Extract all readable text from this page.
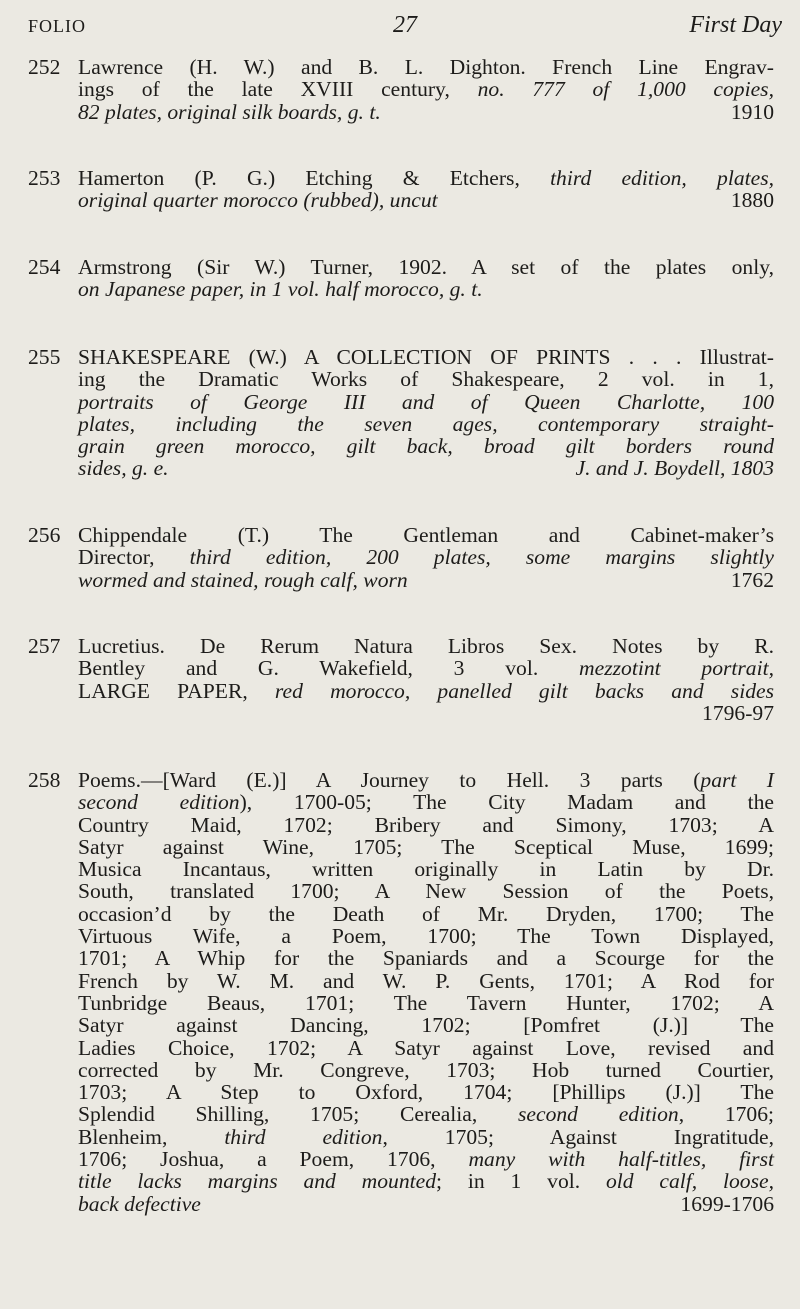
FOLIO	27	First Day
252 Lawrence (H. W.) and B. L. Dighton. French Line Engrav-
ings of the late XVIII century, no. 777 of 1,000 copies,
82 plates, original silk boards, g. t.	1910
253 Hamerton (P. G.) Etching & Etchers, third edition, plates,
original quarter morocco (rubbed), uncut	1880
254 Armstrong (Sir W.) Turner, 1902. A set of the plates only,
on Japanese paper, in 1 vol. half morocco, g. t.
255 SHAKESPEARE (W.) A COLLECTION OF PRINTS . . . Illustrat-
ing the Dramatic Works of Shakespeare, 2 vol. in 1,
portraits of George III and of Queen Charlotte, 100
plates, including the seven ages, contemporary straight-
grain green morocco, gilt back, broad gilt borders round
sides, g. e.	J. and J. Boydell, 1803
256 Chippendale (T.) The Gentleman and Cabinet-maker’s
Director, third edition, 200 plates, some margins slightly
wormed and stained, rough calf, worn	1762
257 Lucretius. De Rerum Natura Libros Sex. Notes by R.
Bentley and G. Wakefield, 3 vol. mezzotint portrait,
LARGE PAPER, red morocco, panelled gilt backs and sides
1796-97
258 Poems.—[Ward (E.)] A Journey to Hell. 3 parts (part I
second edition), 1700-05; The City Madam and the
Country Maid, 1702; Bribery and Simony, 1703; A
Satyr against Wine, 1705; The Sceptical Muse, 1699;
Musica Incantaus, written originally in Latin by Dr.
South, translated 1700; A New Session of the Poets,
occasion’d by the Death of Mr. Dryden, 1700; The
Virtuous Wife, a Poem, 1700; The Town Displayed,
1701; A Whip for the Spaniards and a Scourge for the
French by W. M. and W. P. Gents, 1701; A Rod for
Tunbridge Beaus, 1701; The Tavern Hunter, 1702; A
Satyr against Dancing, 1702; [Pomfret (J.)] The
Ladies Choice, 1702; A Satyr against Love, revised and
corrected by Mr. Congreve, 1703; Hob turned Courtier,
1703; A Step to Oxford, 1704; [Phillips (J.)] The
Splendid Shilling, 1705; Cerealia, second edition, 1706;
Blenheim, third edition, 1705; Against Ingratitude,
1706; Joshua, a Poem, 1706, many with half-titles, first
title lacks margins and mounted; in 1 vol. old calf, loose,
back defective	1699-1706
